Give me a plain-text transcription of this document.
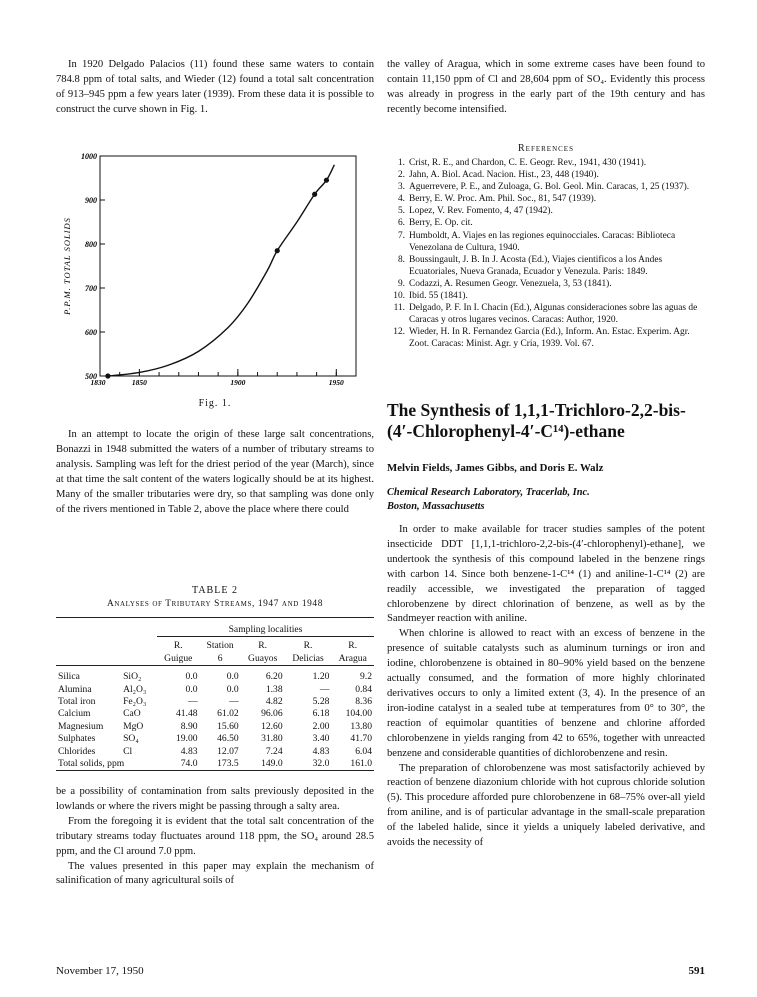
In 1920 Delgado Palacios (11) found these same waters to contain 784.8 ppm of total salts, and Wieder (12) found a total salt concentration of 913–945 ppm a few years later (1939). From these data it is possible to construct the curve shown in Fig. 1.

500
600
700
800
900
1000
1830	1850	1900	1950
P.P.M. TOTAL SOLIDS
Fig. 1.

In an attempt to locate the origin of these large salt concentrations, Bonazzi in 1948 submitted the waters of a number of tributary streams to analysis. Sampling was left for the driest period of the year (March), since at that time the salt content of the waters logically should be at its highest. Many of the smaller tributaries were dry, so that sampling was done only of the rivers mentioned in Table 2, above the place where there could

TABLE 2
Analyses of Tributary Streams, 1947 and 1948

		Sampling localities				

		R.	Station	R.	R.	R.
		Guigue	6	Guayos	Delicias	Aragua

Silica	SiO₂	0.0	0.0	6.20	1.20	9.2
Alumina	Al₂O₃	0.0	0.0	1.38	—	0.84
Total iron	Fe₂O₃	—	—	4.82	5.28	8.36
Calcium	CaO	41.48	61.02	96.06	6.18	104.00
Magnesium	MgO	8.90	15.60	12.60	2.00	13.80
Sulphates	SO₄	19.00	46.50	31.80	3.40	41.70
Chlorides	Cl	4.83	12.07	7.24	4.83	6.04
Total solids, ppm		74.0	173.5	149.0	32.0	161.0

be a possibility of contamination from salts previously deposited in the lowlands or where the rivers might be passing through a salty area.

From the foregoing it is evident that the total salt concentration of the tributary streams today fluctuates around 118 ppm, the SO₄ around 28.5 ppm, and the Cl around 7.0 ppm.

The values presented in this paper may explain the mechanism of salinification of many agricultural soils of

the valley of Aragua, which in some extreme cases have been found to contain 11,150 ppm of Cl and 28,604 ppm of SO₄. Evidently this process was already in progress in the early part of the 19th century and has recently become intensified.

References
1. Crist, R. E., and Chardon, C. E. Geogr. Rev., 1941, 430 (1941).
2. Jahn, A. Biol. Acad. Nacion. Hist., 23, 448 (1940).
3. Aguerrevere, P. E., and Zuloaga, G. Bol. Geol. Min. Caracas, 1, 25 (1937).
4. Berry, E. W. Proc. Am. Phil. Soc., 81, 547 (1939).
5. Lopez, V. Rev. Fomento, 4, 47 (1942).
6. Berry, E. Op. cit.
7. Humboldt, A. Viajes en las regiones equinocciales. Caracas: Biblioteca Venezolana de Cultura, 1940.
8. Boussingault, J. B. In J. Acosta (Ed.), Viajes cientificos a los Andes Ecuatoriales, Nueva Granada, Ecuador y Venezula. Paris: 1849.
9. Codazzi, A. Resumen Geogr. Venezuela, 3, 53 (1841).
10. Ibid. 55 (1841).
11. Delgado, P. F. In I. Chacin (Ed.), Algunas consideraciones sobre las aguas de Caracas y otros lugares vecinos. Caracas: Author, 1920.
12. Wieder, H. In R. Fernandez Garcia (Ed.), Inform. An. Estac. Experim. Agr. Zoot. Caracas: Minist. Agr. y Cria, 1939. Vol. 67.
The Synthesis of 1,1,1-Trichloro-2,2-bis-(4′-Chlorophenyl-4′-C¹⁴)-ethane
Melvin Fields, James Gibbs, and Doris E. Walz
Chemical Research Laboratory, Tracerlab, Inc.
Boston, Massachusetts

In order to make available for tracer studies samples of the potent insecticide DDT [1,1,1-trichloro-2,2-bis-(4′-chlorophenyl)-ethane], we undertook the synthesis of this compound labeled in the benzene rings with carbon 14. Since both benzene-1-C¹⁴ (1) and aniline-1-C¹⁴ (2) are readily accessible, we investigated the preparation of tagged chlorobenzene by direct chlorination of benzene, as well as by the Sandmeyer reaction with aniline.

When chlorine is allowed to react with an excess of benzene in the presence of suitable catalysts such as aluminum turnings or iron and iodine, chlorobenzene is obtained in 80–90% yield based on the benzene actually consumed, and the formation of more highly chlorinated derivatives occurs to only a limited extent (3, 4). In the presence of an iron-iodine catalyst in a sealed tube at temperatures from 0° to 30°, the reaction of equimolar quantities of benzene and chlorine afforded chlorobenzene in yields ranging from 42 to 65%, together with unreacted benzene and considerable quantities of dichlorobenzene and resin.

The preparation of chlorobenzene was most satisfactorily achieved by reaction of benzene diazonium chloride with hot cuprous chloride solution (5). This procedure afforded pure chlorobenzene in 68–75% over-all yield from aniline, and is of particular advantage in the small-scale preparation of the labeled halide, since it yields a uniquely labeled derivative, and avoids the necessity of

November 17, 1950	591
